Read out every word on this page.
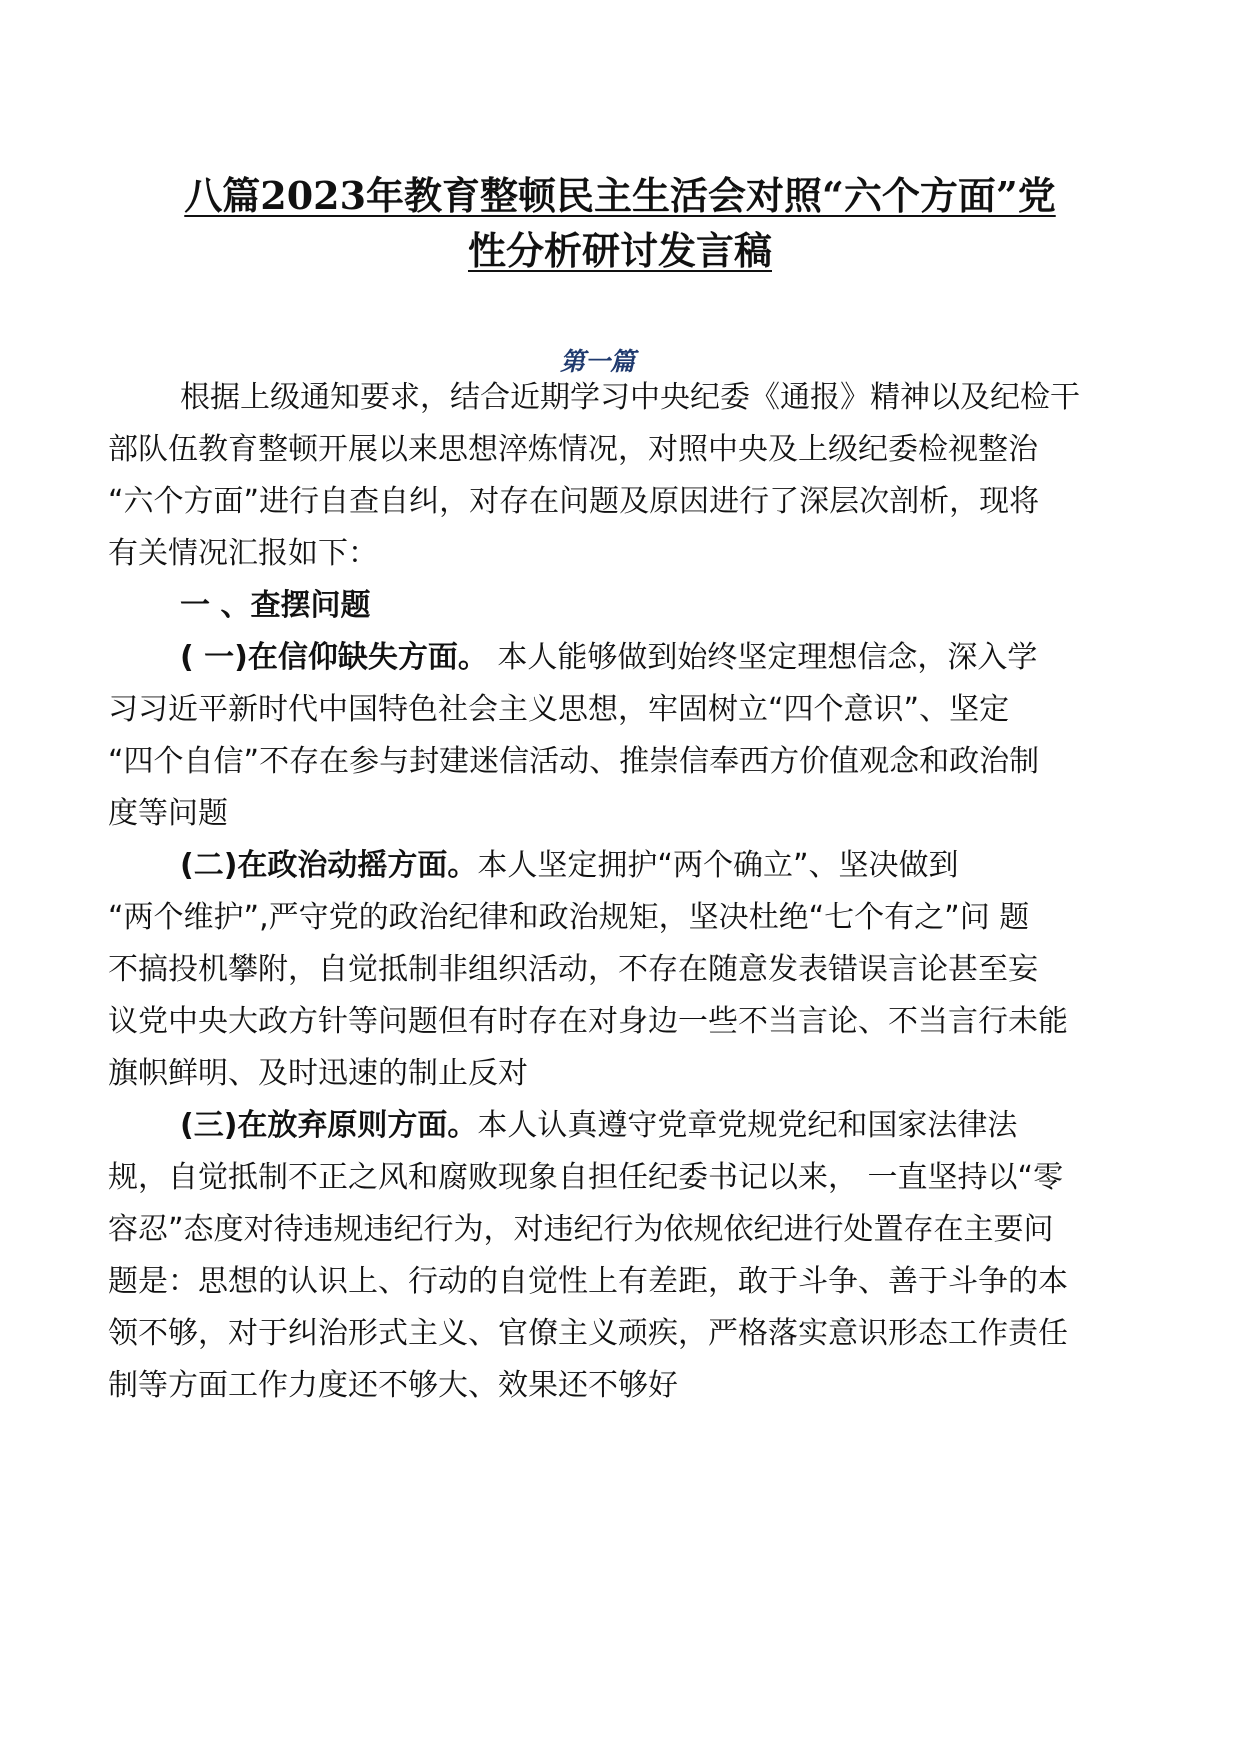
八篇2023年教育整顿民主生活会对照“六个方面”党
性分析研讨发言稿
第一篇
根据上级通知要求，结合近期学习中央纪委《通报》精神以及纪检干
部队伍教育整顿开展以来思想淬炼情况，对照中央及上级纪委检视整治
“六个方面”进行自查自纠，对存在问题及原因进行了深层次剖析，现将
有关情况汇报如下：
一 、查摆问题
( 一)在信仰缺失方面。 本人能够做到始终坚定理想信念，深入学
习习近平新时代中国特色社会主义思想，牢固树立“四个意识”、坚定
“四个自信”不存在参与封建迷信活动、推崇信奉西方价值观念和政治制
度等问题
(二)在政治动摇方面。本人坚定拥护“两个确立”、坚决做到
“两个维护”,严守党的政治纪律和政治规矩，坚决杜绝“七个有之”问 题
不搞投机攀附，自觉抵制非组织活动，不存在随意发表错误言论甚至妄
议党中央大政方针等问题但有时存在对身边一些不当言论、不当言行未能
旗帜鲜明、及时迅速的制止反对
(三)在放弃原则方面。本人认真遵守党章党规党纪和国家法律法
规，自觉抵制不正之风和腐败现象自担任纪委书记以来， 一直坚持以“零
容忍”态度对待违规违纪行为，对违纪行为依规依纪进行处置存在主要问
题是：思想的认识上、行动的自觉性上有差距，敢于斗争、善于斗争的本
领不够，对于纠治形式主义、官僚主义顽疾，严格落实意识形态工作责任
制等方面工作力度还不够大、效果还不够好
